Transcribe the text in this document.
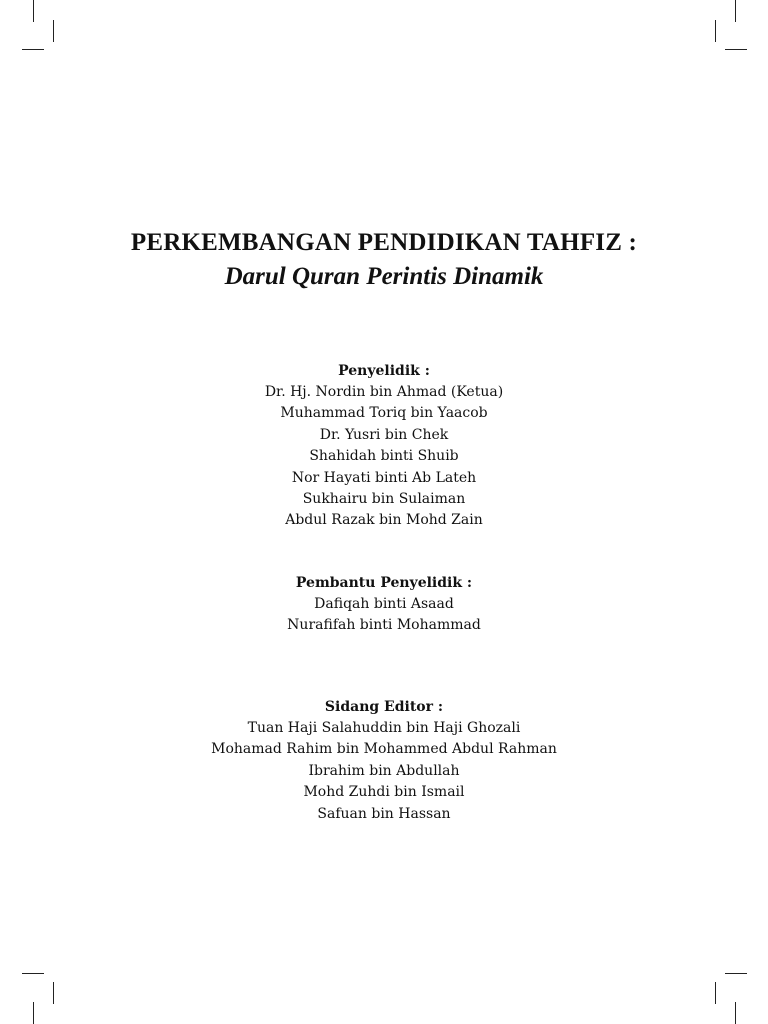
PERKEMBANGAN PENDIDIKAN TAHFIZ :
Darul Quran Perintis Dinamik

Penyelidik :

Dr. Hj. Nordin bin Ahmad (Ketua)

Muhammad Toriq bin Yaacob

Dr. Yusri bin Chek

Shahidah binti Shuib

Nor Hayati binti Ab Lateh

Sukhairu bin Sulaiman

Abdul Razak bin Mohd Zain

Pembantu Penyelidik :

Dafiqah binti Asaad

Nurafifah binti Mohammad

Sidang Editor :

Tuan Haji Salahuddin bin Haji Ghozali

Mohamad Rahim bin Mohammed Abdul Rahman

Ibrahim bin Abdullah

Mohd Zuhdi bin Ismail

Safuan bin Hassan
